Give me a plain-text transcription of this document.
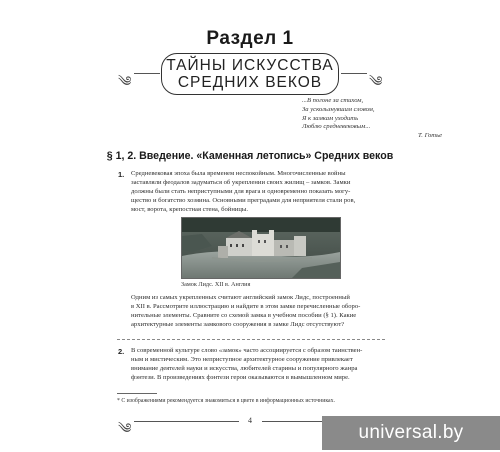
Раздел 1
༄	༄
ТАЙНЫ ИСКУССТВА
СРЕДНИХ ВЕКОВ
...В погоне за стихом,
За ускользнувшим словом,
Я к замкам уходить
Люблю средневековым...
Т. Готье
§ 1, 2. Введение. «Каменная летопись» Средних веков
1. Средневековая эпоха была временем неспокойным. Многочисленные войны
заставляли феодалов задуматься об укреплении своих жилищ – замков. Замки
должны были стать неприступными для врага и одновременно показать могу-
щество и богатство хозяина. Основными преградами для неприятеля стали ров,
мост, ворота, крепостная стена, бойницы.
Замок Лидс. XII в. Англия
Одним из самых укрепленных считают английский замок Лидс, построенный
в XII в. Рассмотрите иллюстрацию и найдите в этом замке перечисленные оборо-
нительные элементы. Сравните со схемой замка в учебном пособии (§ 1). Какие
архитектурные элементы замкового сооружения в замке Лидс отсутствуют?
2. В современной культуре слово «замок» часто ассоциируется с образом таинствен-
ным и мистическим. Это неприступное архитектурное сооружение привлекает
внимание деятелей науки и искусства, любителей старины и популярного жанра
фэнтези. В произведениях фэнтези герои оказываются в вымышленном мире.
* С изображениями рекомендуется знакомиться в цвете в информационных источниках.
༄
4
universal.by
